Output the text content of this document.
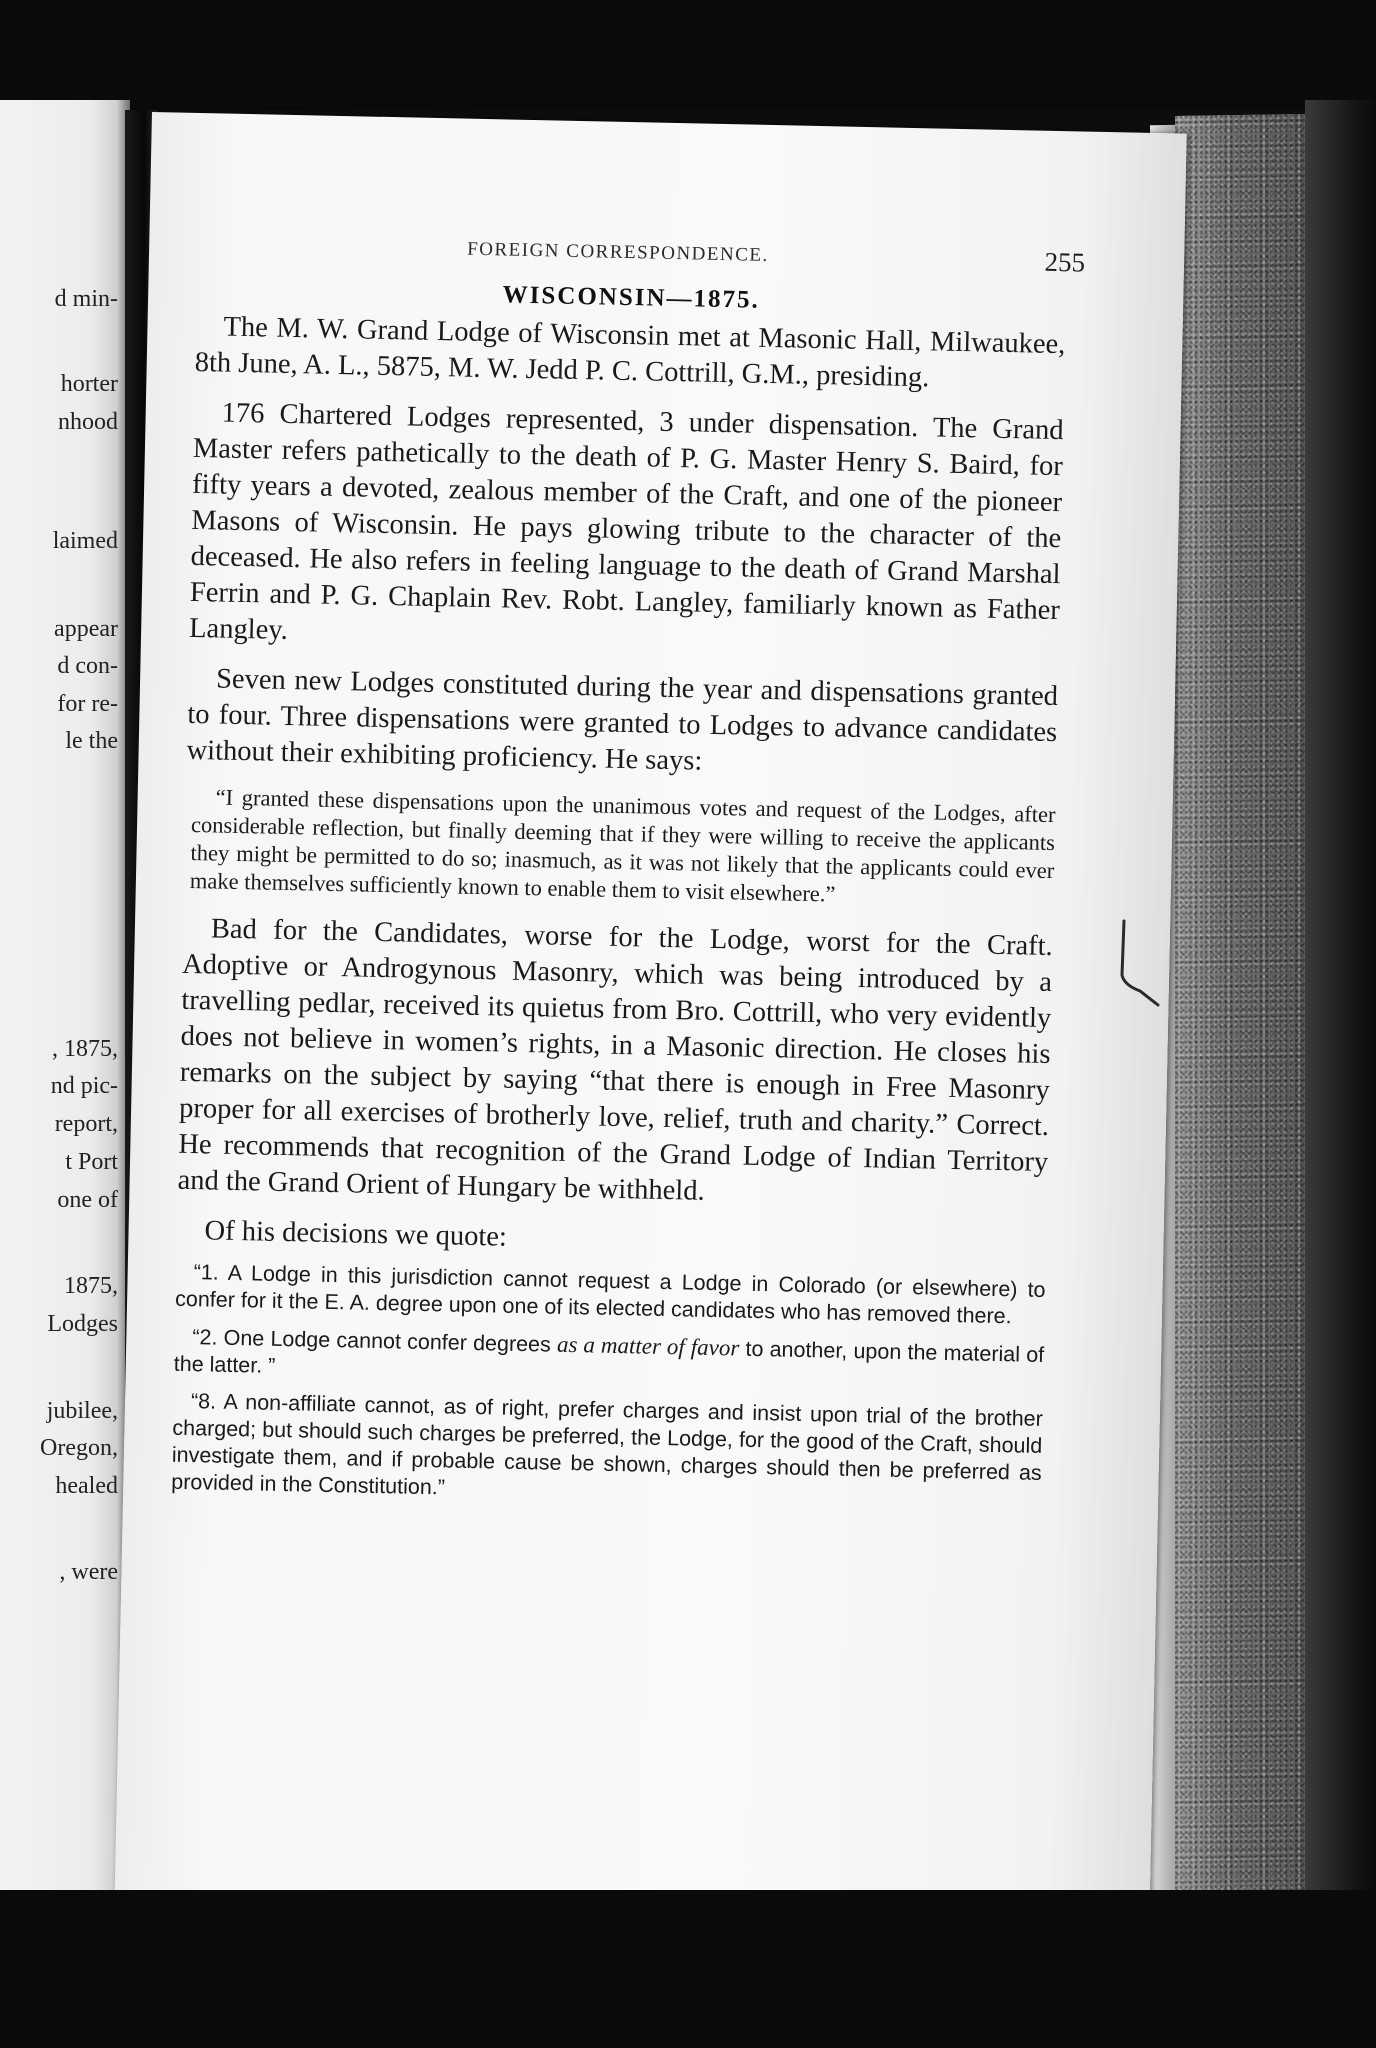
d min-
horter
nhood
laimed
appear
d con-
for re-
le the
, 1875,
nd pic-
report,
t Port
one of
1875,
Lodges
jubilee,
Oregon,
healed
, were
FOREIGN CORRESPONDENCE.	255
WISCONSIN—1875.

The M. W. Grand Lodge of Wisconsin met at Masonic Hall, Milwaukee, 8th June, A. L., 5875, M. W. Jedd P. C. Cottrill, G.M., presiding.

176 Chartered Lodges represented, 3 under dispensation. The Grand Master refers pathetically to the death of P. G. Master Henry S. Baird, for fifty years a devoted, zealous member of the Craft, and one of the pioneer Masons of Wisconsin. He pays glowing tribute to the character of the deceased. He also refers in feeling language to the death of Grand Marshal Ferrin and P. G. Chaplain Rev. Robt. Langley, familiarly known as Father Langley.

Seven new Lodges constituted during the year and dispensations granted to four. Three dispensations were granted to Lodges to advance candidates without their exhibiting proficiency. He says:

“I granted these dispensations upon the unanimous votes and request of the Lodges, after considerable reflection, but finally deeming that if they were willing to receive the applicants they might be permitted to do so; inasmuch, as it was not likely that the applicants could ever make themselves sufficiently known to enable them to visit elsewhere.”

Bad for the Candidates, worse for the Lodge, worst for the Craft. Adoptive or Androgynous Masonry, which was being introduced by a travelling pedlar, received its quietus from Bro. Cottrill, who very evidently does not believe in women’s rights, in a Masonic direction. He closes his remarks on the subject by saying “that there is enough in Free Masonry proper for all exercises of brotherly love, relief, truth and charity.” Correct. He recommends that recognition of the Grand Lodge of Indian Territory and the Grand Orient of Hungary be withheld.

Of his decisions we quote:

“1. A Lodge in this jurisdiction cannot request a Lodge in Colorado (or elsewhere) to confer for it the E. A. degree upon one of its elected candidates who has removed there.

“2. One Lodge cannot confer degrees as a matter of favor to another, upon the material of the latter. ”

“8. A non-affiliate cannot, as of right, prefer charges and insist upon trial of the brother charged; but should such charges be preferred, the Lodge, for the good of the Craft, should investigate them, and if probable cause be shown, charges should then be preferred as provided in the Constitution.”
